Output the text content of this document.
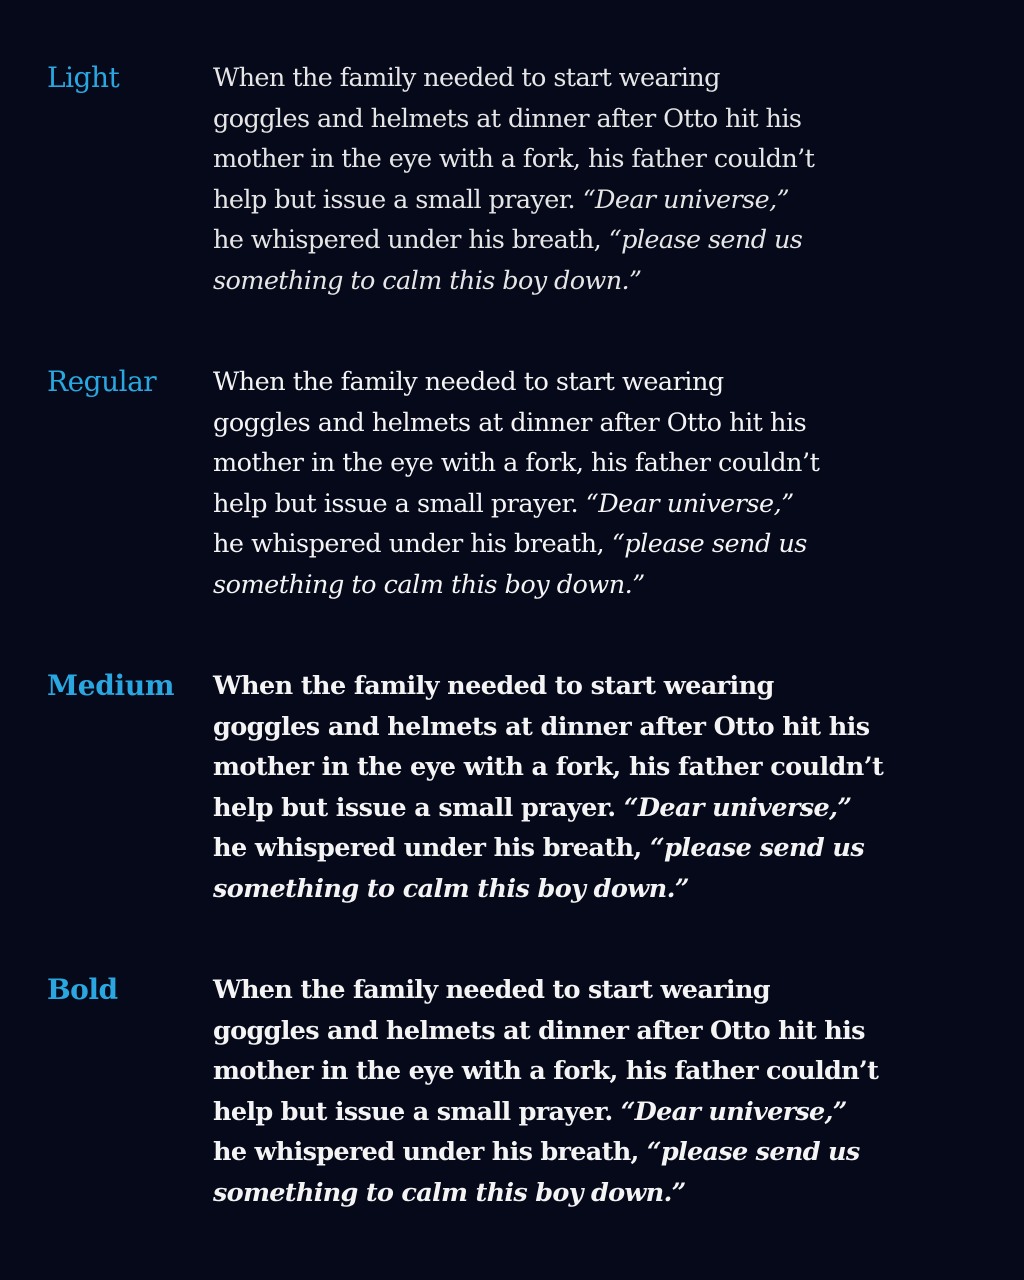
Light	When the family needed to start wearing
goggles and helmets at dinner after Otto hit his
mother in the eye with a fork, his father couldn’t
help but issue a small prayer. “Dear universe,”
he whispered under his breath, “please send us
something to calm this boy down.”

Regular When the family needed to start wearing
goggles and helmets at dinner after Otto hit his
mother in the eye with a fork, his father couldn’t
help but issue a small prayer. “Dear universe,”
he whispered under his breath, “please send us
something to calm this boy down.”

Medium When the family needed to start wearing
goggles and helmets at dinner after Otto hit his
mother in the eye with a fork, his father couldn’t
help but issue a small prayer. “Dear universe,”
he whispered under his breath, “please send us
something to calm this boy down.”

Bold	When the family needed to start wearing
goggles and helmets at dinner after Otto hit his
mother in the eye with a fork, his father couldn’t
help but issue a small prayer. “Dear universe,”
he whispered under his breath, “please send us
something to calm this boy down.”
